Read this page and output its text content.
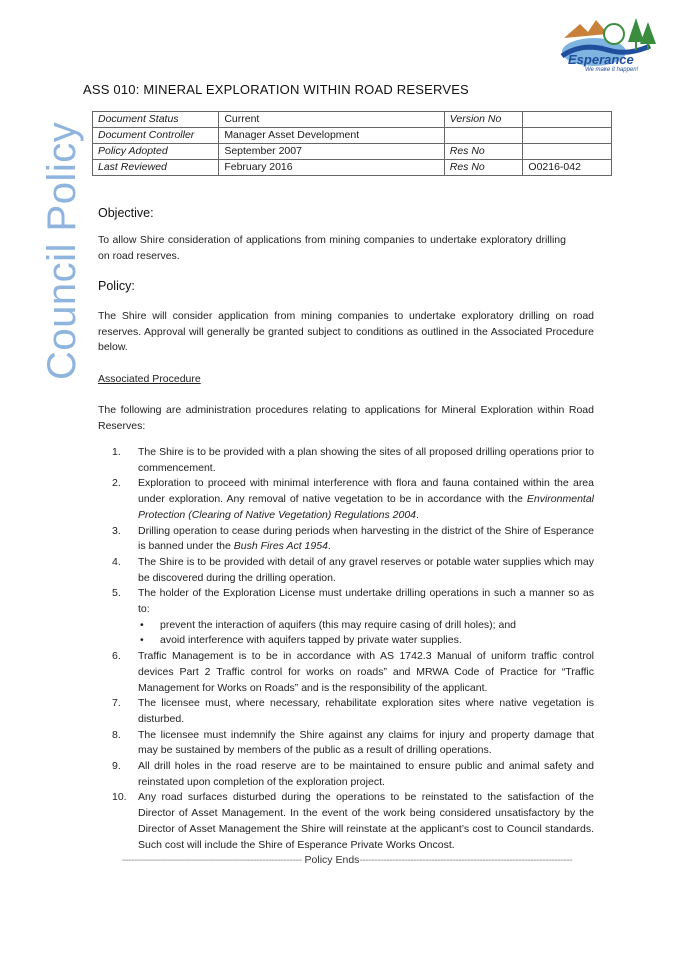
Council Policy
Shire of
Esperance
We make it happen!
ASS 010: MINERAL EXPLORATION WITHIN ROAD RESERVES
Document Status	Current	Version No	
Document Controller	Manager Asset Development		
Policy Adopted	September 2007	Res No	
Last Reviewed	February 2016	Res No	O0216-042
Objective:
To allow Shire consideration of applications from mining companies to undertake exploratory drilling on road reserves.
Policy:
The Shire will consider application from mining companies to undertake exploratory drilling on road reserves. Approval will generally be granted subject to conditions as outlined in the Associated Procedure below.
Associated Procedure
The following are administration procedures relating to applications for Mineral Exploration within Road Reserves:
1.	The Shire is to be provided with a plan showing the sites of all proposed drilling operations prior to commencement.
2.	Exploration to proceed with minimal interference with flora and fauna contained within the area under exploration. Any removal of native vegetation to be in accordance with the Environmental Protection (Clearing of Native Vegetation) Regulations 2004.
3.	Drilling operation to cease during periods when harvesting in the district of the Shire of Esperance is banned under the Bush Fires Act 1954.
4.	The Shire is to be provided with detail of any gravel reserves or potable water supplies which may be discovered during the drilling operation.
5.	The holder of the Exploration License must undertake drilling operations in such a manner so as to:
• prevent the interaction of aquifers (this may require casing of drill holes); and
• avoid interference with aquifers tapped by private water supplies.
6.	Traffic Management is to be in accordance with AS 1742.3 Manual of uniform traffic control devices Part 2 Traffic control for works on roads” and MRWA Code of Practice for “Traffic Management for Works on Roads” and is the responsibility of the applicant.
7.	The licensee must, where necessary, rehabilitate exploration sites where native vegetation is disturbed.
8.	The licensee must indemnify the Shire against any claims for injury and property damage that may be sustained by members of the public as a result of drilling operations.
9.	All drill holes in the road reserve are to be maintained to ensure public and animal safety and reinstated upon completion of the exploration project.
10.	Any road surfaces disturbed during the operations to be reinstated to the satisfaction of the Director of Asset Management. In the event of the work being considered unsatisfactory by the Director of Asset Management the Shire will reinstate at the applicant’s cost to Council standards. Such cost will include the Shire of Esperance Private Works Oncost.
------------------------------------------------------------ Policy Ends-----------------------------------------------------------------------
